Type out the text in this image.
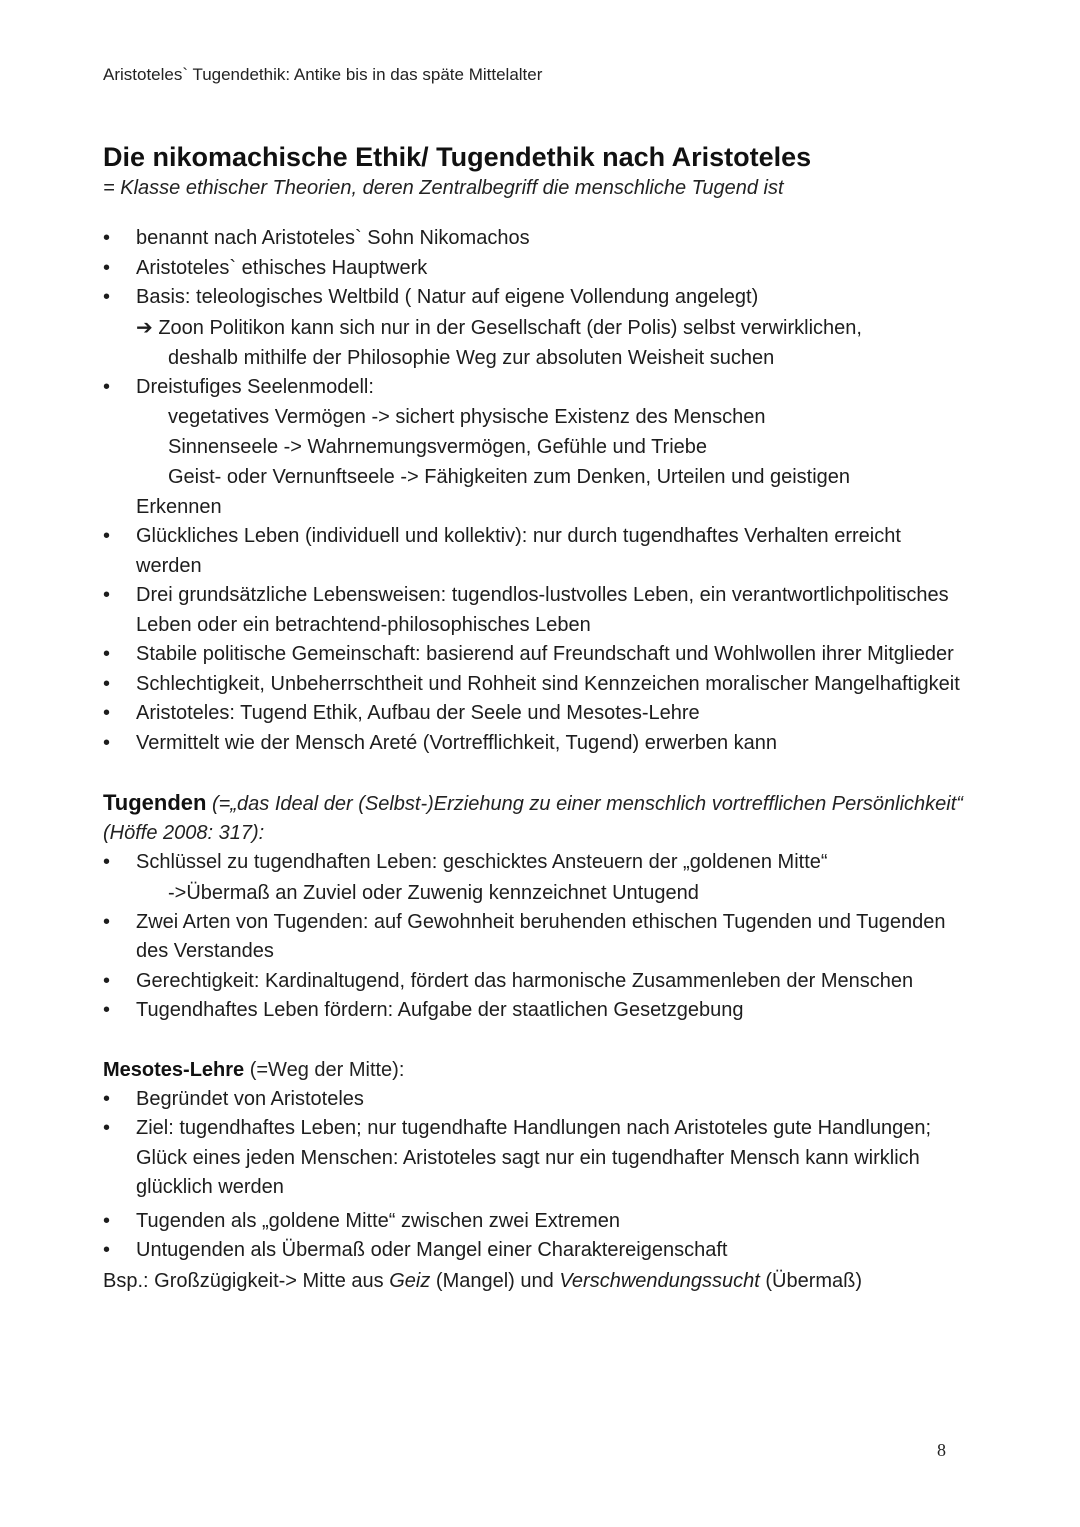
Aristoteles` Tugendethik: Antike bis in das späte Mittelalter
Die nikomachische Ethik/ Tugendethik nach Aristoteles
= Klasse ethischer Theorien, deren Zentralbegriff die menschliche Tugend ist
• benannt nach Aristoteles` Sohn Nikomachos
• Aristoteles` ethisches Hauptwerk
• Basis: teleologisches Weltbild ( Natur auf eigene Vollendung angelegt)
➔ Zoon Politikon kann sich nur in der Gesellschaft (der Polis) selbst verwirklichen,
deshalb mithilfe der Philosophie Weg zur absoluten Weisheit suchen
• Dreistufiges Seelenmodell:
vegetatives Vermögen -> sichert physische Existenz des Menschen
Sinnenseele -> Wahrnemungsvermögen, Gefühle und Triebe
Geist- oder Vernunftseele -> Fähigkeiten zum Denken, Urteilen und geistigen
Erkennen
• Glückliches Leben (individuell und kollektiv): nur durch tugendhaftes Verhalten erreicht werden
• Drei grundsätzliche Lebensweisen: tugendlos-lustvolles Leben, ein verantwortlichpolitisches Leben oder ein betrachtend-philosophisches Leben
• Stabile politische Gemeinschaft: basierend auf Freundschaft und Wohlwollen ihrer Mitglieder
• Schlechtigkeit, Unbeherrschtheit und Rohheit sind Kennzeichen moralischer Mangelhaftigkeit
• Aristoteles: Tugend Ethik, Aufbau der Seele und Mesotes-Lehre
• Vermittelt wie der Mensch Areté (Vortrefflichkeit, Tugend) erwerben kann
Tugenden (=„das Ideal der (Selbst-)Erziehung zu einer menschlich vortrefflichen Persönlichkeit“ (Höffe 2008: 317):
• Schlüssel zu tugendhaften Leben: geschicktes Ansteuern der „goldenen Mitte“
->Übermaß an Zuviel oder Zuwenig kennzeichnet Untugend
• Zwei Arten von Tugenden: auf Gewohnheit beruhenden ethischen Tugenden und Tugenden des Verstandes
• Gerechtigkeit: Kardinaltugend, fördert das harmonische Zusammenleben der Menschen
• Tugendhaftes Leben fördern: Aufgabe der staatlichen Gesetzgebung
Mesotes-Lehre (=Weg der Mitte):
• Begründet von Aristoteles
• Ziel: tugendhaftes Leben; nur tugendhafte Handlungen nach Aristoteles gute Handlungen; Glück eines jeden Menschen: Aristoteles sagt nur ein tugendhafter Mensch kann wirklich glücklich werden
• Tugenden als „goldene Mitte“ zwischen zwei Extremen
• Untugenden als Übermaß oder Mangel einer Charaktereigenschaft
Bsp.: Großzügigkeit-> Mitte aus Geiz (Mangel) und Verschwendungssucht (Übermaß)
8
